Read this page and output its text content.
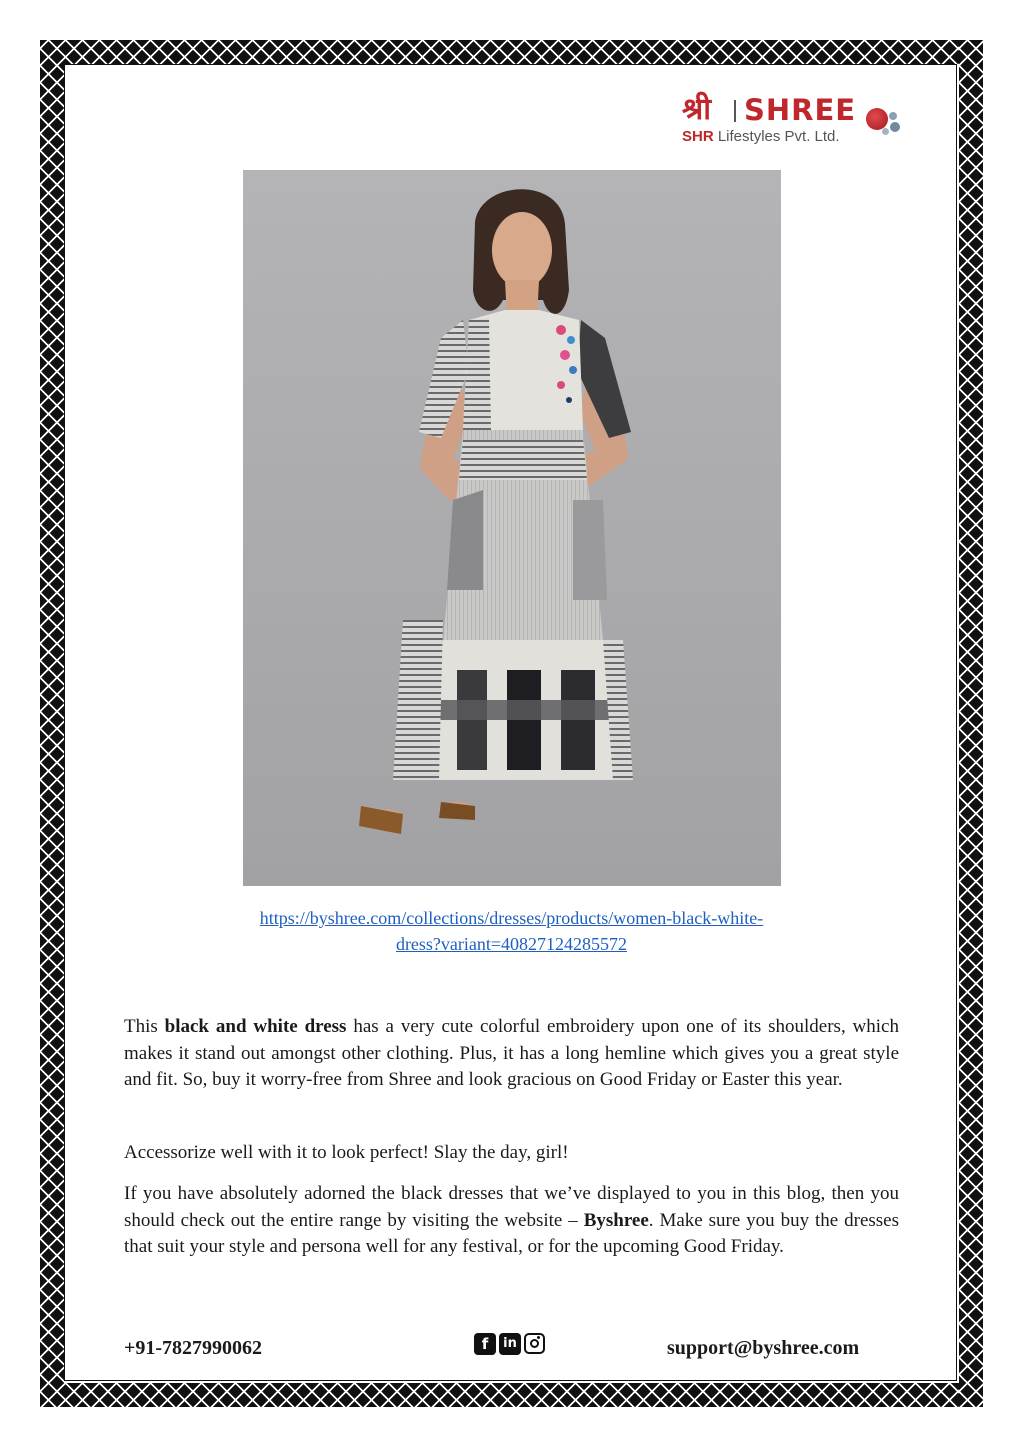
श्री SHREE
SHR Lifestyles Pvt. Ltd.
https://byshree.com/collections/dresses/products/women-black-white-
dress?variant=40827124285572

This black and white dress has a very cute colorful embroidery upon one of its shoulders, which makes it stand out amongst other clothing. Plus, it has a long hemline which gives you a great style and fit. So, buy it worry-free from Shree and look gracious on Good Friday or Easter this year.

Accessorize well with it to look perfect! Slay the day, girl!

If you have absolutely adorned the black dresses that we’ve displayed to you in this blog, then you should check out the entire range by visiting the website – Byshree. Make sure you buy the dresses that suit your style and persona well for any festival, or for the upcoming Good Friday.

+91-7827990062	f	in	support@byshree.com
